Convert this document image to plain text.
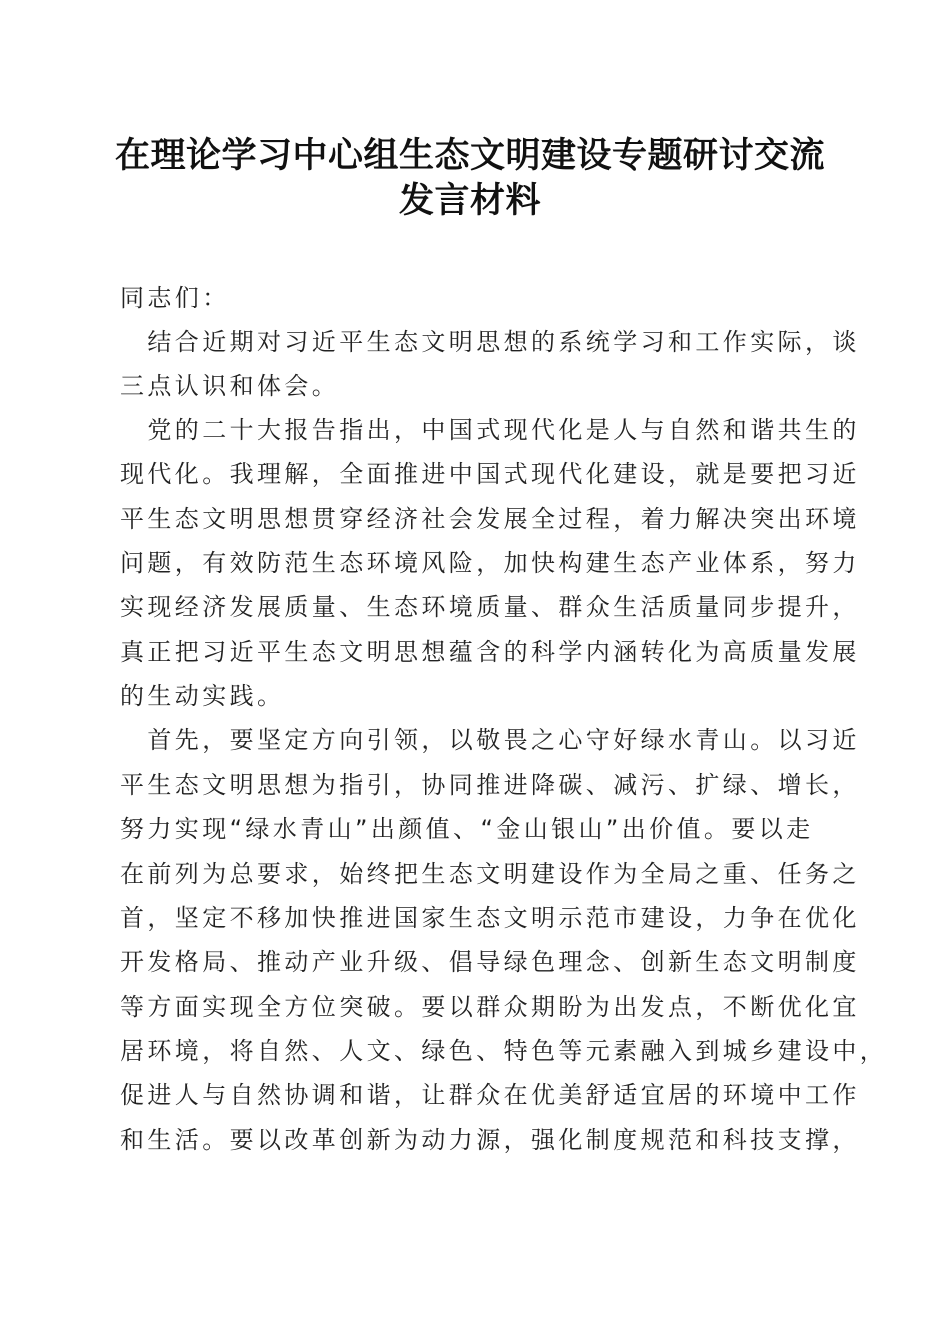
在理论学习中心组生态文明建设专题研讨交流
发言材料
同志们：
　结合近期对习近平生态文明思想的系统学习和工作实际，谈
三点认识和体会。
　党的二十大报告指出，中国式现代化是人与自然和谐共生的
现代化。我理解，全面推进中国式现代化建设，就是要把习近
平生态文明思想贯穿经济社会发展全过程，着力解决突出环境
问题，有效防范生态环境风险，加快构建生态产业体系，努力
实现经济发展质量、生态环境质量、群众生活质量同步提升，
真正把习近平生态文明思想蕴含的科学内涵转化为高质量发展
的生动实践。
　首先，要坚定方向引领，以敬畏之心守好绿水青山。以习近
平生态文明思想为指引，协同推进降碳、减污、扩绿、增长，
努力实现“绿水青山”出颜值、“金山银山”出价值。要以走
在前列为总要求，始终把生态文明建设作为全局之重、任务之
首，坚定不移加快推进国家生态文明示范市建设，力争在优化
开发格局、推动产业升级、倡导绿色理念、创新生态文明制度
等方面实现全方位突破。要以群众期盼为出发点，不断优化宜
居环境，将自然、人文、绿色、特色等元素融入到城乡建设中，
促进人与自然协调和谐，让群众在优美舒适宜居的环境中工作
和生活。要以改革创新为动力源，强化制度规范和科技支撑，
